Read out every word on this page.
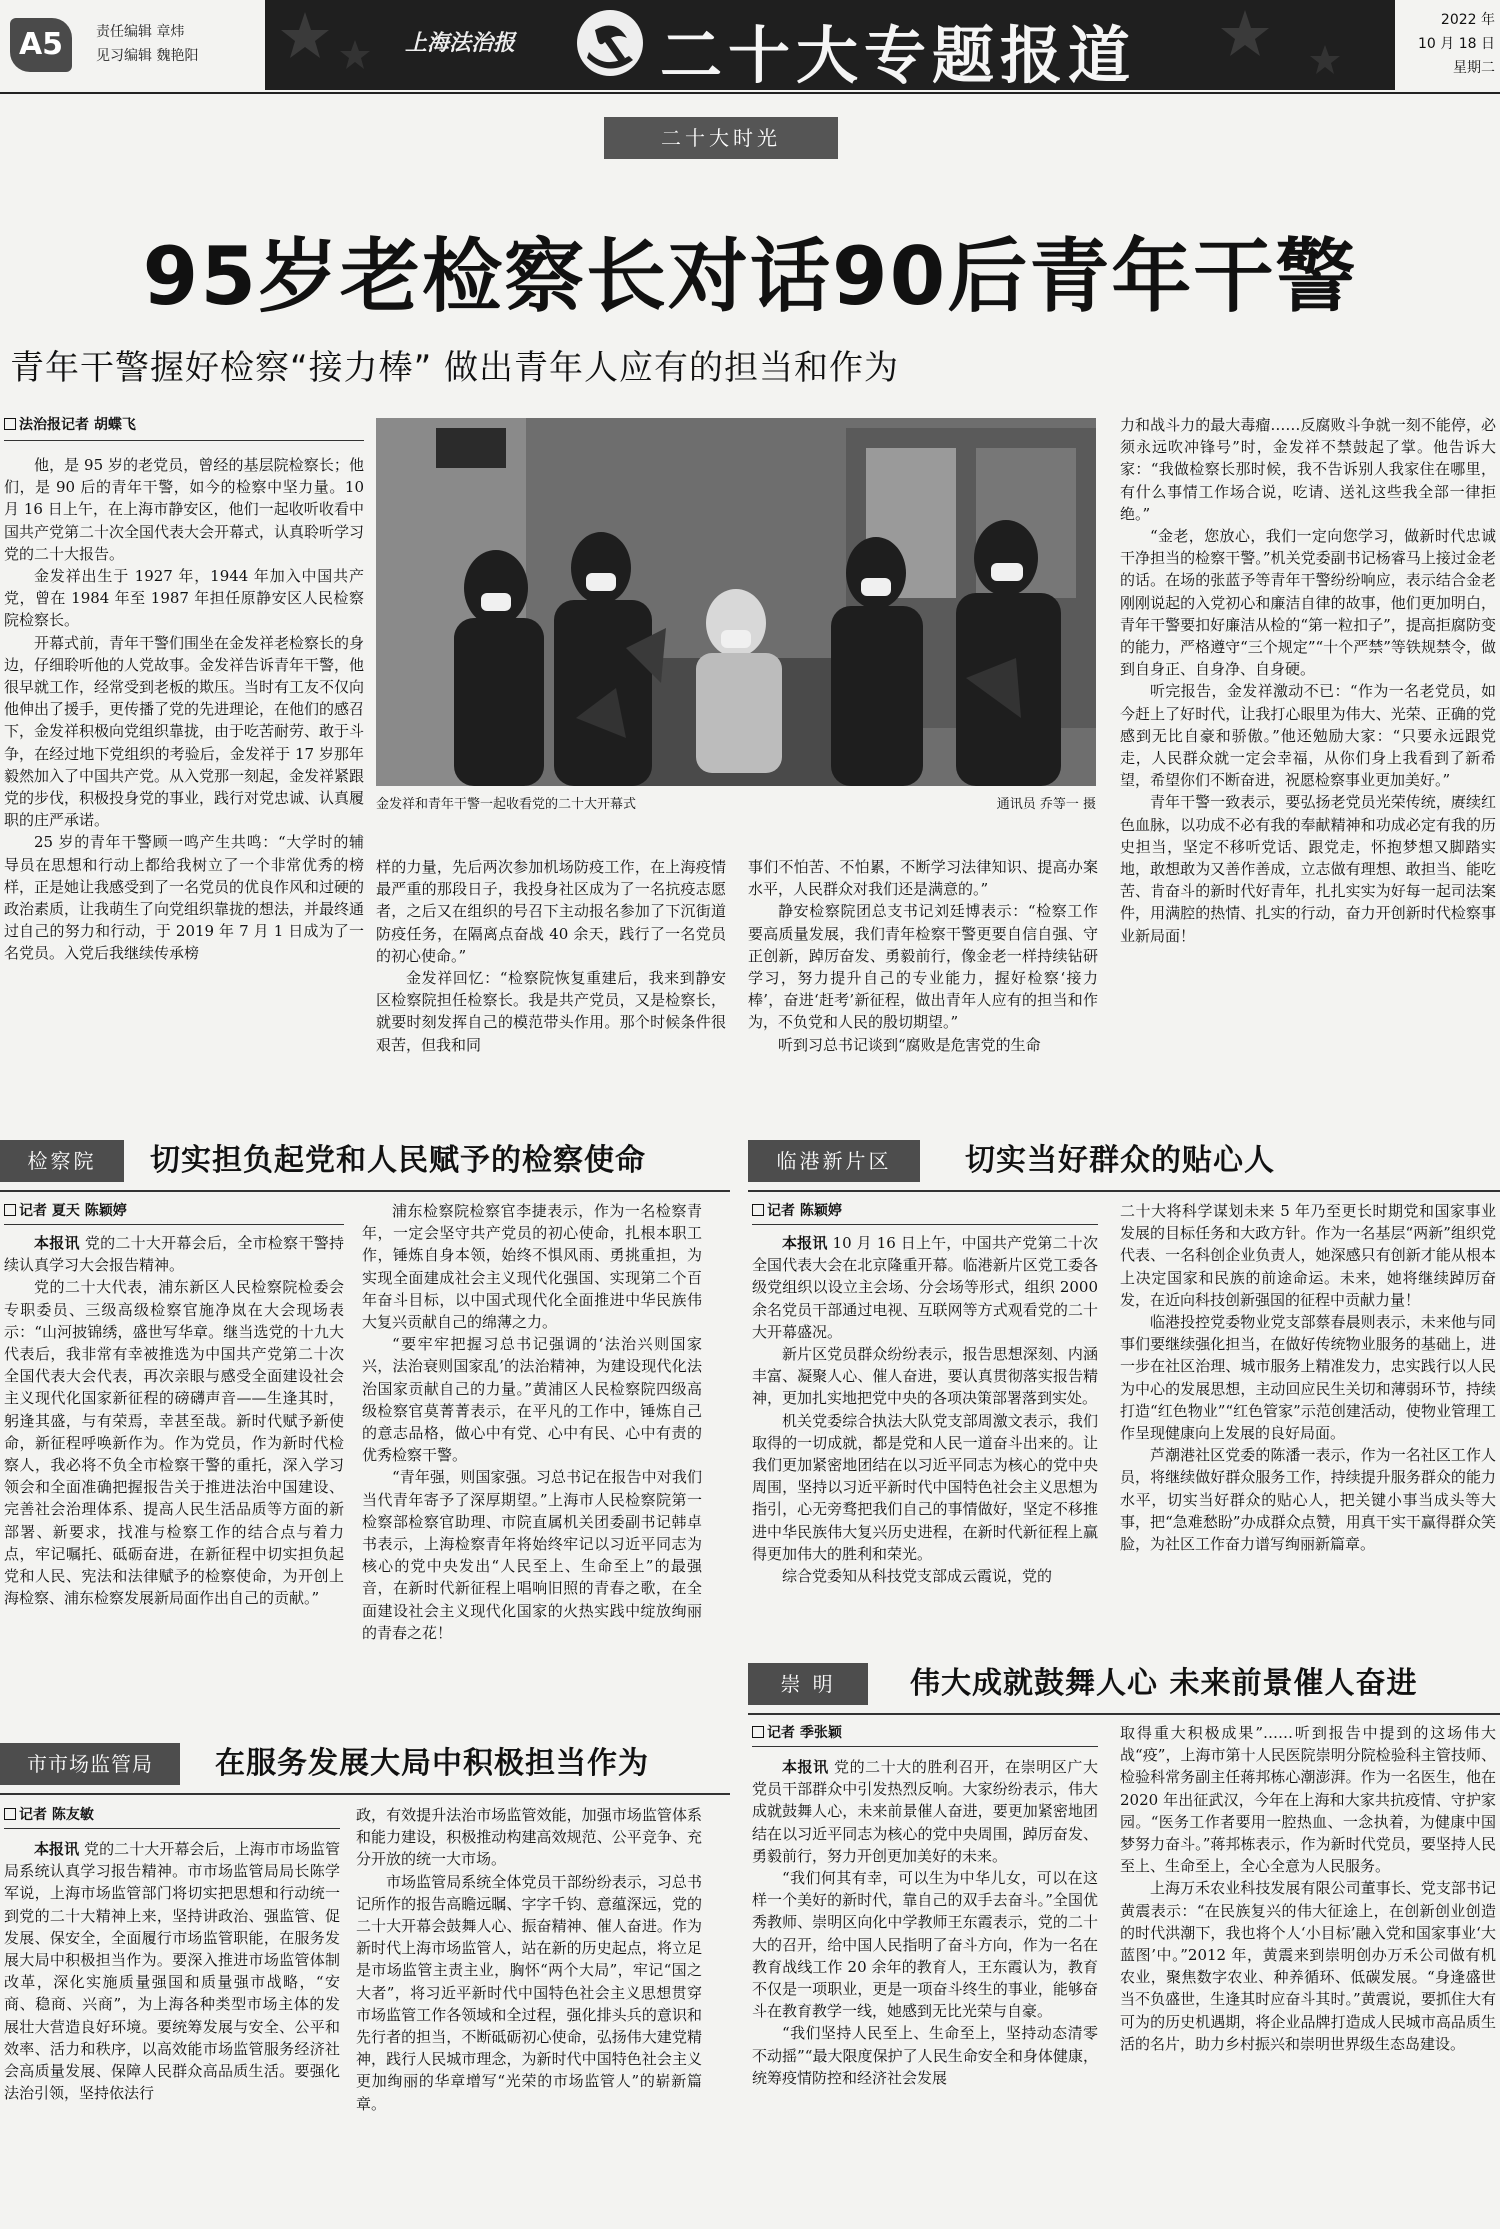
A5	责任编辑 章炜
见习编辑 魏艳阳	上海法治报 二十大专题报道	2022 年
10 月 18 日
星期二
二十大时光
95岁老检察长对话90后青年干警
青年干警握好检察“接力棒” 做出青年人应有的担当和作为
法治报记者 胡蝶飞

他，是 95 岁的老党员，曾经的基层院检察长；他们，是 90 后的青年干警，如今的检察中坚力量。10 月 16 日上午，在上海市静安区，他们一起收听收看中国共产党第二十次全国代表大会开幕式，认真聆听学习党的二十大报告。

金发祥出生于 1927 年，1944 年加入中国共产党，曾在 1984 年至 1987 年担任原静安区人民检察院检察长。

开幕式前，青年干警们围坐在金发祥老检察长的身边，仔细聆听他的人党故事。金发祥告诉青年干警，他很早就工作，经常受到老板的欺压。当时有工友不仅向他伸出了援手，更传播了党的先进理论，在他们的感召下，金发祥积极向党组织靠拢，由于吃苦耐劳、敢于斗争，在经过地下党组织的考验后，金发祥于 17 岁那年毅然加入了中国共产党。从入党那一刻起，金发祥紧跟党的步伐，积极投身党的事业，践行对党忠诚、认真履职的庄严承诺。

25 岁的青年干警顾一鸣产生共鸣：“大学时的辅导员在思想和行动上都给我树立了一个非常优秀的榜样，正是她让我感受到了一名党员的优良作风和过硬的政治素质，让我萌生了向党组织靠拢的想法，并最终通过自己的努力和行动，于 2019 年 7 月 1 日成为了一名党员。入党后我继续传承榜

金发祥和青年干警一起收看党的二十大开幕式	通讯员 乔等一 摄

样的力量，先后两次参加机场防疫工作，在上海疫情最严重的那段日子，我投身社区成为了一名抗疫志愿者，之后又在组织的号召下主动报名参加了下沉街道防疫任务，在隔离点奋战 40 余天，践行了一名党员的初心使命。”

金发祥回忆：“检察院恢复重建后，我来到静安区检察院担任检察长。我是共产党员，又是检察长，就要时刻发挥自己的模范带头作用。那个时候条件很艰苦，但我和同

事们不怕苦、不怕累，不断学习法律知识、提高办案水平，人民群众对我们还是满意的。”

静安检察院团总支书记刘廷博表示：“检察工作要高质量发展，我们青年检察干警更要自信自强、守正创新，踔厉奋发、勇毅前行，像金老一样持续钻研学习，努力提升自己的专业能力，握好检察‘接力棒’，奋进‘赶考’新征程，做出青年人应有的担当和作为，不负党和人民的殷切期望。”

听到习总书记谈到“腐败是危害党的生命

力和战斗力的最大毒瘤……反腐败斗争就一刻不能停，必须永远吹冲锋号”时，金发祥不禁鼓起了掌。他告诉大家：“我做检察长那时候，我不告诉别人我家住在哪里，有什么事情工作场合说，吃请、送礼这些我全部一律拒绝。”

“金老，您放心，我们一定向您学习，做新时代忠诚干净担当的检察干警。”机关党委副书记杨睿马上接过金老的话。在场的张蓝予等青年干警纷纷响应，表示结合金老刚刚说起的入党初心和廉洁自律的故事，他们更加明白，青年干警要扣好廉洁从检的“第一粒扣子”，提高拒腐防变的能力，严格遵守“三个规定”“十个严禁”等铁规禁令，做到自身正、自身净、自身硬。

听完报告，金发祥激动不已：“作为一名老党员，如今赶上了好时代，让我打心眼里为伟大、光荣、正确的党感到无比自豪和骄傲。”他还勉励大家：“只要永远跟党走，人民群众就一定会幸福，从你们身上我看到了新希望，希望你们不断奋进，祝愿检察事业更加美好。”

青年干警一致表示，要弘扬老党员光荣传统，赓续红色血脉，以功成不必有我的奉献精神和功成必定有我的历史担当，坚定不移听党话、跟党走，怀抱梦想又脚踏实地，敢想敢为又善作善成，立志做有理想、敢担当、能吃苦、肯奋斗的新时代好青年，扎扎实实为好每一起司法案件，用满腔的热情、扎实的行动，奋力开创新时代检察事业新局面！

检察院	切实担负起党和人民赋予的检察使命
记者 夏天 陈颖婷

本报讯 党的二十大开幕会后，全市检察干警持续认真学习大会报告精神。

党的二十大代表，浦东新区人民检察院检委会专职委员、三级高级检察官施净岚在大会现场表示：“山河披锦绣，盛世写华章。继当选党的十九大代表后，我非常有幸被推选为中国共产党第二十次全国代表大会代表，再次亲眼与感受全面建设社会主义现代化国家新征程的磅礴声音——生逢其时，躬逢其盛，与有荣焉，幸甚至哉。新时代赋予新使命，新征程呼唤新作为。作为党员，作为新时代检察人，我必将不负全市检察干警的重托，深入学习领会和全面准确把握报告关于推进法治中国建设、完善社会治理体系、提高人民生活品质等方面的新部署、新要求，找准与检察工作的结合点与着力点，牢记嘱托、砥砺奋进，在新征程中切实担负起党和人民、宪法和法律赋予的检察使命，为开创上海检察、浦东检察发展新局面作出自己的贡献。”

浦东检察院检察官李捷表示，作为一名检察青年，一定会坚守共产党员的初心使命，扎根本职工作，锤炼自身本领，始终不惧风雨、勇挑重担，为实现全面建成社会主义现代化强国、实现第二个百年奋斗目标，以中国式现代化全面推进中华民族伟大复兴贡献自己的绵薄之力。

“要牢牢把握习总书记强调的‘法治兴则国家兴，法治衰则国家乱’的法治精神，为建设现代化法治国家贡献自己的力量。”黄浦区人民检察院四级高级检察官莫菁菁表示，在平凡的工作中，锤炼自己的意志品格，做心中有党、心中有民、心中有责的优秀检察干警。

“青年强，则国家强。习总书记在报告中对我们当代青年寄予了深厚期望。”上海市人民检察院第一检察部检察官助理、市院直属机关团委副书记韩卓书表示，上海检察青年将始终牢记以习近平同志为核心的党中央发出“人民至上、生命至上”的最强音，在新时代新征程上唱响旧照的青春之歌，在全面建设社会主义现代化国家的火热实践中绽放绚丽的青春之花！

临港新片区	切实当好群众的贴心人
记者 陈颖婷

本报讯 10 月 16 日上午，中国共产党第二十次全国代表大会在北京隆重开幕。临港新片区党工委各级党组织以设立主会场、分会场等形式，组织 2000 余名党员干部通过电视、互联网等方式观看党的二十大开幕盛况。

新片区党员群众纷纷表示，报告思想深刻、内涵丰富、凝聚人心、催人奋进，要认真贯彻落实报告精神，更加扎实地把党中央的各项决策部署落到实处。

机关党委综合执法大队党支部周激文表示，我们取得的一切成就，都是党和人民一道奋斗出来的。让我们更加紧密地团结在以习近平同志为核心的党中央周围，坚持以习近平新时代中国特色社会主义思想为指引，心无旁骛把我们自己的事情做好，坚定不移推进中华民族伟大复兴历史进程，在新时代新征程上赢得更加伟大的胜利和荣光。

综合党委知从科技党支部成云霞说，党的

二十大将科学谋划未来 5 年乃至更长时期党和国家事业发展的目标任务和大政方针。作为一名基层“两新”组织党代表、一名科创企业负责人，她深感只有创新才能从根本上决定国家和民族的前途命运。未来，她将继续踔厉奋发，在近向科技创新强国的征程中贡献力量！

临港投控党委物业党支部蔡春晨则表示，未来他与同事们要继续强化担当，在做好传统物业服务的基础上，进一步在社区治理、城市服务上精准发力，忠实践行以人民为中心的发展思想，主动回应民生关切和薄弱环节，持续打造“红色物业”“红色管家”示范创建活动，使物业管理工作呈现健康向上发展的良好局面。

芦潮港社区党委的陈潘一表示，作为一名社区工作人员，将继续做好群众服务工作，持续提升服务群众的能力水平，切实当好群众的贴心人，把关键小事当成头等大事，把“急难愁盼”办成群众点赞，用真干实干赢得群众笑脸，为社区工作奋力谱写绚丽新篇章。

市市场监管局	在服务发展大局中积极担当作为
记者 陈友敏

本报讯 党的二十大开幕会后，上海市市场监管局系统认真学习报告精神。市市场监管局局长陈学军说，上海市场监管部门将切实把思想和行动统一到党的二十大精神上来，坚持讲政治、强监管、促发展、保安全，全面履行市场监管职能，在服务发展大局中积极担当作为。要深入推进市场监管体制改革，深化实施质量强国和质量强市战略，“安商、稳商、兴商”，为上海各种类型市场主体的发展壮大营造良好环境。要统筹发展与安全、公平和效率、活力和秩序，以高效能市场监管服务经济社会高质量发展、保障人民群众高品质生活。要强化法治引领，坚持依法行

政，有效提升法治市场监管效能，加强市场监管体系和能力建设，积极推动构建高效规范、公平竞争、充分开放的统一大市场。

市场监管局系统全体党员干部纷纷表示，习总书记所作的报告高瞻远瞩、字字千钧、意蕴深远，党的二十大开幕会鼓舞人心、振奋精神、催人奋进。作为新时代上海市场监管人，站在新的历史起点，将立足是市场监管主责主业，胸怀“两个大局”，牢记“国之大者”，将习近平新时代中国特色社会主义思想贯穿市场监管工作各领域和全过程，强化排头兵的意识和先行者的担当，不断砥砺初心使命，弘扬伟大建党精神，践行人民城市理念，为新时代中国特色社会主义更加绚丽的华章增写“光荣的市场监管人”的崭新篇章。

崇 明	伟大成就鼓舞人心 未来前景催人奋进
记者 季张颖

本报讯 党的二十大的胜利召开，在崇明区广大党员干部群众中引发热烈反响。大家纷纷表示，伟大成就鼓舞人心，未来前景催人奋进，要更加紧密地团结在以习近平同志为核心的党中央周围，踔厉奋发、勇毅前行，努力开创更加美好的未来。

“我们何其有幸，可以生为中华儿女，可以在这样一个美好的新时代，靠自己的双手去奋斗。”全国优秀教师、崇明区向化中学教师王东霞表示，党的二十大的召开，给中国人民指明了奋斗方向，作为一名在教育战线工作 20 余年的教育人，王东霞认为，教育不仅是一项职业，更是一项奋斗终生的事业，能够奋斗在教育教学一线，她感到无比光荣与自豪。

“我们坚持人民至上、生命至上，坚持动态清零不动摇”“最大限度保护了人民生命安全和身体健康，统筹疫情防控和经济社会发展

取得重大积极成果”……听到报告中提到的这场伟大战“疫”，上海市第十人民医院崇明分院检验科主管技师、检验科常务副主任蒋邦栋心潮澎湃。作为一名医生，他在 2020 年出征武汉，今年在上海和大家共抗疫情、守护家园。“医务工作者要用一腔热血、一念执着，为健康中国梦努力奋斗。”蒋邦栋表示，作为新时代党员，要坚持人民至上、生命至上，全心全意为人民服务。

上海万禾农业科技发展有限公司董事长、党支部书记黄震表示：“在民族复兴的伟大征途上，在创新创业创造的时代洪潮下，我也将个人‘小目标’融入党和国家事业‘大蓝图’中。”2012 年，黄震来到崇明创办万禾公司做有机农业，聚焦数字农业、种养循环、低碳发展。“身逢盛世当不负盛世，生逢其时应奋斗其时。”黄震说，要抓住大有可为的历史机遇期，将企业品牌打造成人民城市高品质生活的名片，助力乡村振兴和崇明世界级生态岛建设。
